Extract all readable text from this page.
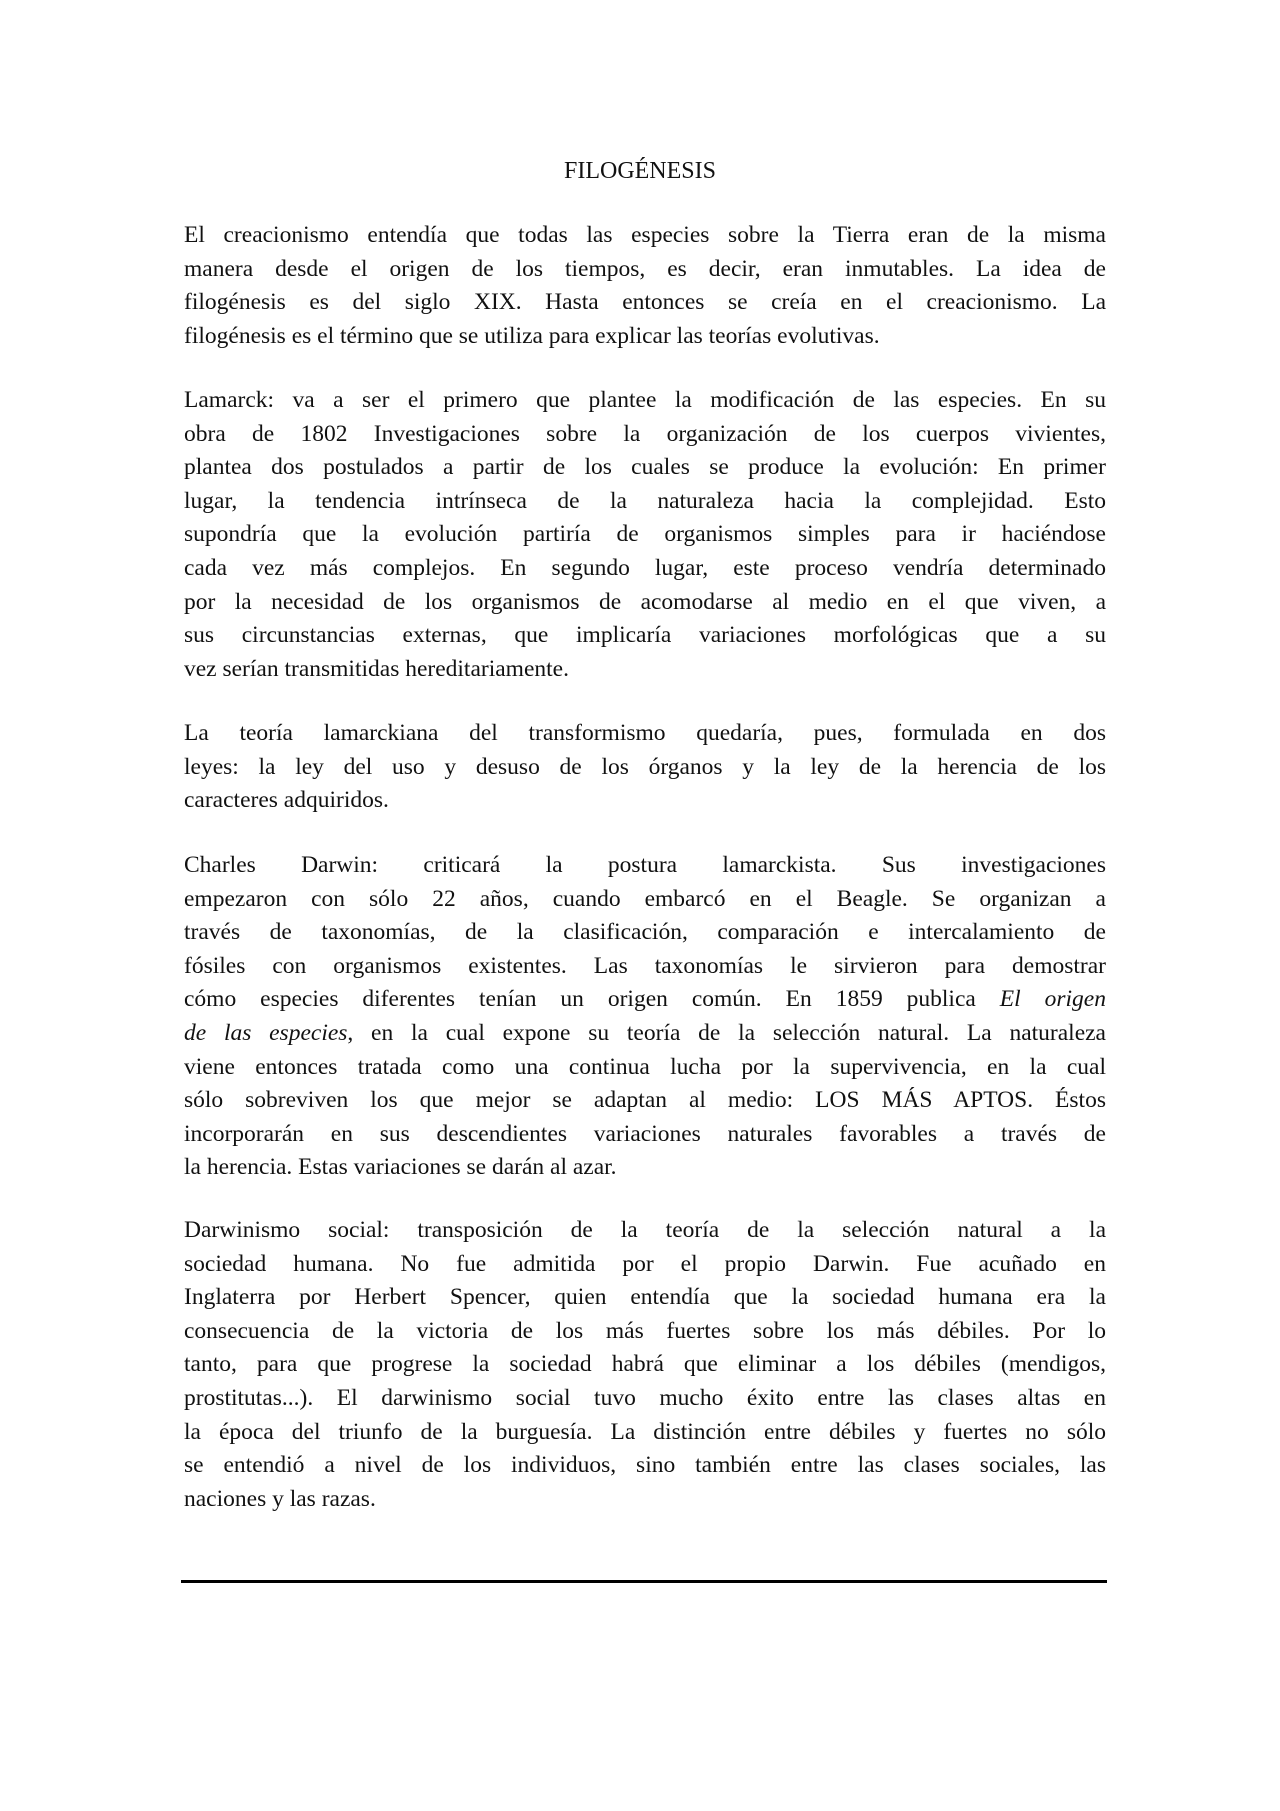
FILOGÉNESIS
El creacionismo entendía que todas las especies sobre la Tierra eran de la misma
manera desde el origen de los tiempos, es decir, eran inmutables. La idea de
filogénesis es del siglo XIX. Hasta entonces se creía en el creacionismo. La
filogénesis es el término que se utiliza para explicar las teorías evolutivas.
Lamarck: va a ser el primero que plantee la modificación de las especies. En su
obra de 1802 Investigaciones sobre la organización de los cuerpos vivientes,
plantea dos postulados a partir de los cuales se produce la evolución: En primer
lugar, la tendencia intrínseca de la naturaleza hacia la complejidad. Esto
supondría que la evolución partiría de organismos simples para ir haciéndose
cada vez más complejos. En segundo lugar, este proceso vendría determinado
por la necesidad de los organismos de acomodarse al medio en el que viven, a
sus circunstancias externas, que implicaría variaciones morfológicas que a su
vez serían transmitidas hereditariamente.
La teoría lamarckiana del transformismo quedaría, pues, formulada en dos
leyes: la ley del uso y desuso de los órganos y la ley de la herencia de los
caracteres adquiridos.
Charles Darwin: criticará la postura lamarckista. Sus investigaciones
empezaron con sólo 22 años, cuando embarcó en el Beagle. Se organizan a
través de taxonomías, de la clasificación, comparación e intercalamiento de
fósiles con organismos existentes. Las taxonomías le sirvieron para demostrar
cómo especies diferentes tenían un origen común. En 1859 publica El origen
de las especies, en la cual expone su teoría de la selección natural. La naturaleza
viene entonces tratada como una continua lucha por la supervivencia, en la cual
sólo sobreviven los que mejor se adaptan al medio: LOS MÁS APTOS. Éstos
incorporarán en sus descendientes variaciones naturales favorables a través de
la herencia. Estas variaciones se darán al azar.
Darwinismo social: transposición de la teoría de la selección natural a la
sociedad humana. No fue admitida por el propio Darwin. Fue acuñado en
Inglaterra por Herbert Spencer, quien entendía que la sociedad humana era la
consecuencia de la victoria de los más fuertes sobre los más débiles. Por lo
tanto, para que progrese la sociedad habrá que eliminar a los débiles (mendigos,
prostitutas...). El darwinismo social tuvo mucho éxito entre las clases altas en
la época del triunfo de la burguesía. La distinción entre débiles y fuertes no sólo
se entendió a nivel de los individuos, sino también entre las clases sociales, las
naciones y las razas.
